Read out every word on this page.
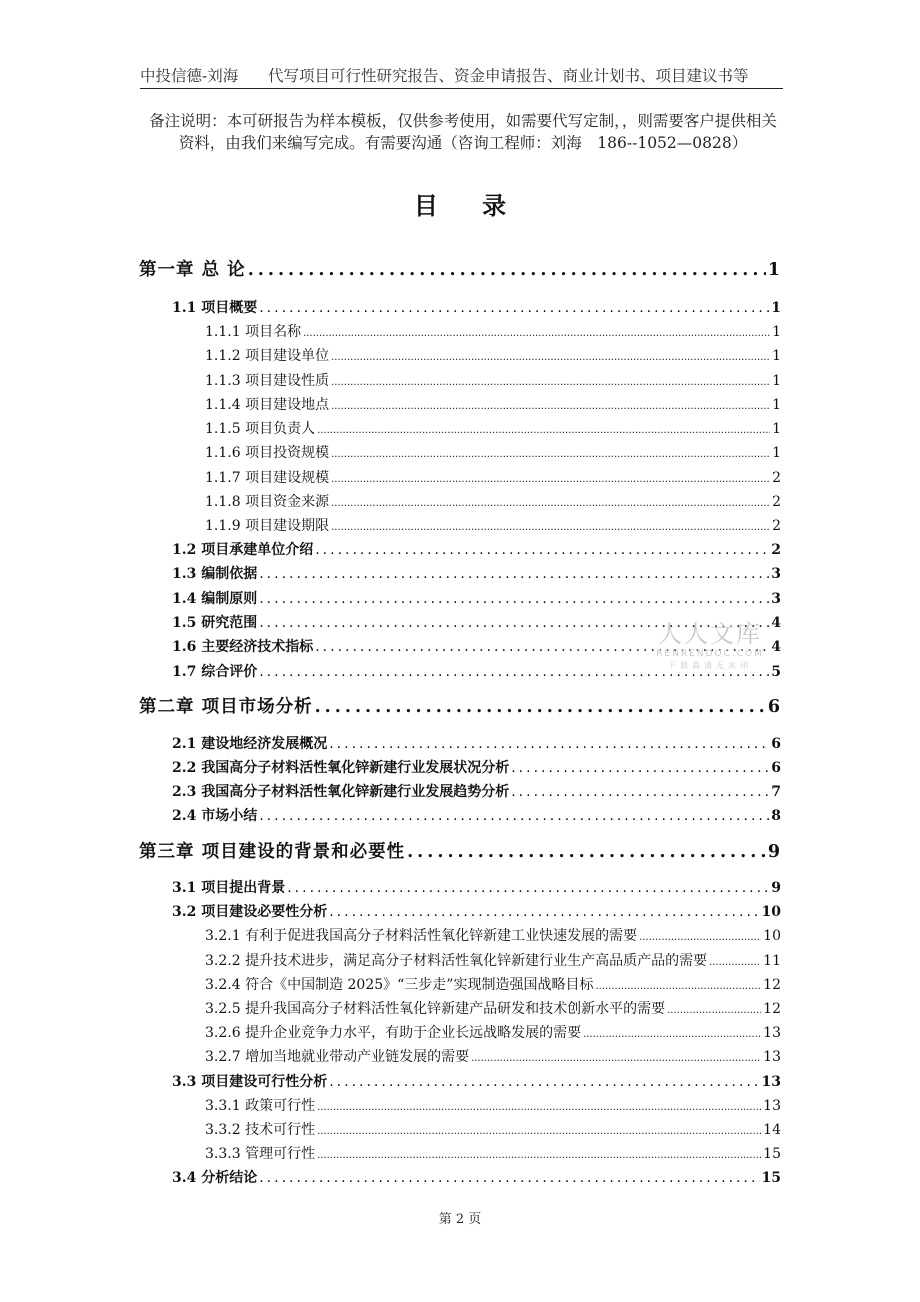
中投信德-刘海 代写项目可行性研究报告、资金申请报告、商业计划书、项目建议书等
备注说明：本可研报告为样本模板，仅供参考使用，如需要代写定制，，则需要客户提供相关资料，由我们来编写完成。有需要沟通（咨询工程师：刘海　186--1052—0828）
目 录
第一章 总 论 .....	1
1.1 项目概要 .....	1
1.1.1 项目名称 .....	1
1.1.2 项目建设单位 .....	1
1.1.3 项目建设性质 .....	1
1.1.4 项目建设地点 .....	1
1.1.5 项目负责人 .....	1
1.1.6 项目投资规模 .....	1
1.1.7 项目建设规模 .....	2
1.1.8 项目资金来源 .....	2
1.1.9 项目建设期限 .....	2
1.2 项目承建单位介绍 .....	2
1.3 编制依据 .....	3
1.4 编制原则 .....	3
1.5 研究范围 .....	4
1.6 主要经济技术指标 .....	4
1.7 综合评价 .....	5
第二章 项目市场分析 .....	6
2.1 建设地经济发展概况 .....	6
2.2 我国高分子材料活性氧化锌新建行业发展状况分析 .....	6
2.3 我国高分子材料活性氧化锌新建行业发展趋势分析 .....	7
2.4 市场小结 .....	8
第三章 项目建设的背景和必要性 .....	9
3.1 项目提出背景 .....	9
3.2 项目建设必要性分析 .....	10
3.2.1 有利于促进我国高分子材料活性氧化锌新建工业快速发展的需要 .....	10
3.2.2 提升技术进步，满足高分子材料活性氧化锌新建行业生产高品质产品的需要 .....	11
3.2.4 符合《中国制造 2025》“三步走”实现制造强国战略目标 .....	12
3.2.5 提升我国高分子材料活性氧化锌新建产品研发和技术创新水平的需要 .....	12
3.2.6 提升企业竞争力水平，有助于企业长远战略发展的需要 .....	13
3.2.7 增加当地就业带动产业链发展的需要 .....	13
3.3 项目建设可行性分析 .....	13
3.3.1 政策可行性 .....	13
3.3.2 技术可行性 .....	14
3.3.3 管理可行性 .....	15
3.4 分析结论 .....	15
人人文库
RENRENDOC.COM
下载高清无水印
第 2 页
